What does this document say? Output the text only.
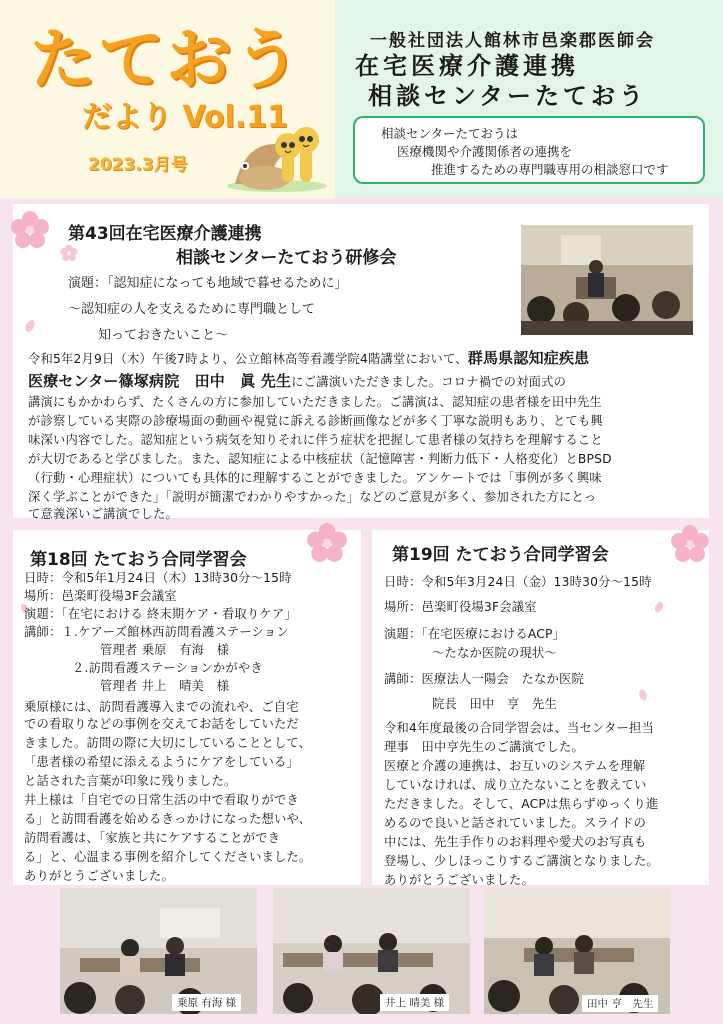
たておう
だより Vol.11
2023.3月号
一般社団法人館林市邑楽郡医師会
在宅医療介護連携
相談センターたておう
相談センターたておうは
医療機関や介護関係者の連携を
推進するための専門職専用の相談窓口です
第43回在宅医療介護連携
相談センターたておう研修会
演題：「認知症になっても地域で暮せるために」
～認知症の人を支えるために専門職として
知っておきたいこと～
令和5年2月9日（木）午後7時より、公立館林高等看護学院4階講堂において、群馬県認知症疾患
医療センター篠塚病院　田中　眞 先生にご講演いただきました。コロナ禍での対面式の
講演にもかかわらず、たくさんの方に参加していただきました。ご講演は、認知症の患者様を田中先生
が診察している実際の診療場面の動画や視覚に訴える診断画像などが多く丁寧な説明もあり、とても興
味深い内容でした。認知症という病気を知りそれに伴う症状を把握して患者様の気持ちを理解すること
が大切であると学びました。また、認知症による中核症状（記憶障害・判断力低下・人格変化）とBPSD
（行動・心理症状）についても具体的に理解することができました。アンケートでは「事例が多く興味
深く学ぶことができた」「説明が簡潔でわかりやすかった」などのご意見が多く、参加された方にとっ
て意義深いご講演でした。
第18回 たておう合同学習会
日時：令和5年1月24日（木）13時30分～15時
場所：邑楽町役場3F会議室
演題：「在宅における 終末期ケア・看取りケア」
講師：１.ケアーズ館林西訪問看護ステーション
管理者 乗原　有海　様
２.訪問看護ステーションかがやき
管理者 井上　晴美　様
乗原様には、訪問看護導入までの流れや、ご自宅
での看取りなどの事例を交えてお話をしていただ
きました。訪問の際に大切にしていることとして、
「患者様の希望に添えるようにケアをしている」
と話された言葉が印象に残りました。
井上様は「自宅での日常生活の中で看取りができ
る」と訪問看護を始めるきっかけになった想いや、
訪問看護は、「家族と共にケアすることができ
る」と、心温まる事例を紹介してくださいました。
ありがとうございました。
第19回 たておう合同学習会
日時：令和5年3月24日（金）13時30分～15時
場所：邑楽町役場3F会議室
演題：「在宅医療におけるACP」
～たなか医院の現状～
講師：医療法人一陽会　たなか医院
院長　田中　亨　先生
令和4年度最後の合同学習会は、当センター担当
理事　田中亨先生のご講演でした。
医療と介護の連携は、お互いのシステムを理解
していなければ、成り立たないことを教えてい
ただきました。そして、ACPは焦らずゆっくり進
めるので良いと話されていました。スライドの
中には、先生手作りのお料理や愛犬のお写真も
登場し、少しほっこりするご講演となりました。
ありがとうございました。
乗原 有海 様	井上 晴美 様	田中 亨　先生
